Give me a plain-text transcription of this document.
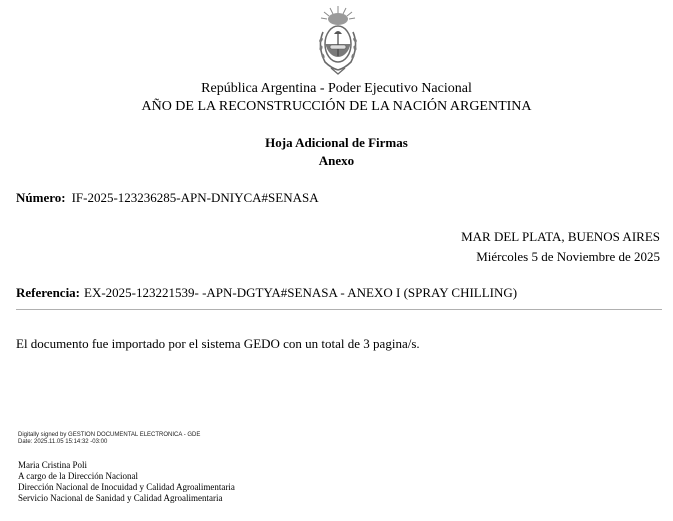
República Argentina - Poder Ejecutivo Nacional
AÑO DE LA RECONSTRUCCIÓN DE LA NACIÓN ARGENTINA
Hoja Adicional de Firmas
Anexo
Número: IF-2025-123236285-APN-DNIYCA#SENASA
MAR DEL PLATA, BUENOS AIRES
Miércoles 5 de Noviembre de 2025
Referencia: EX-2025-123221539- -APN-DGTYA#SENASA - ANEXO I (SPRAY CHILLING)
El documento fue importado por el sistema GEDO con un total de 3 pagina/s.
Digitally signed by GESTION DOCUMENTAL ELECTRONICA - GDE
Date: 2025.11.05 15:14:32 -03:00
Maria Cristina Poli
A cargo de la Dirección Nacional
Dirección Nacional de Inocuidad y Calidad Agroalimentaria
Servicio Nacional de Sanidad y Calidad Agroalimentaria
